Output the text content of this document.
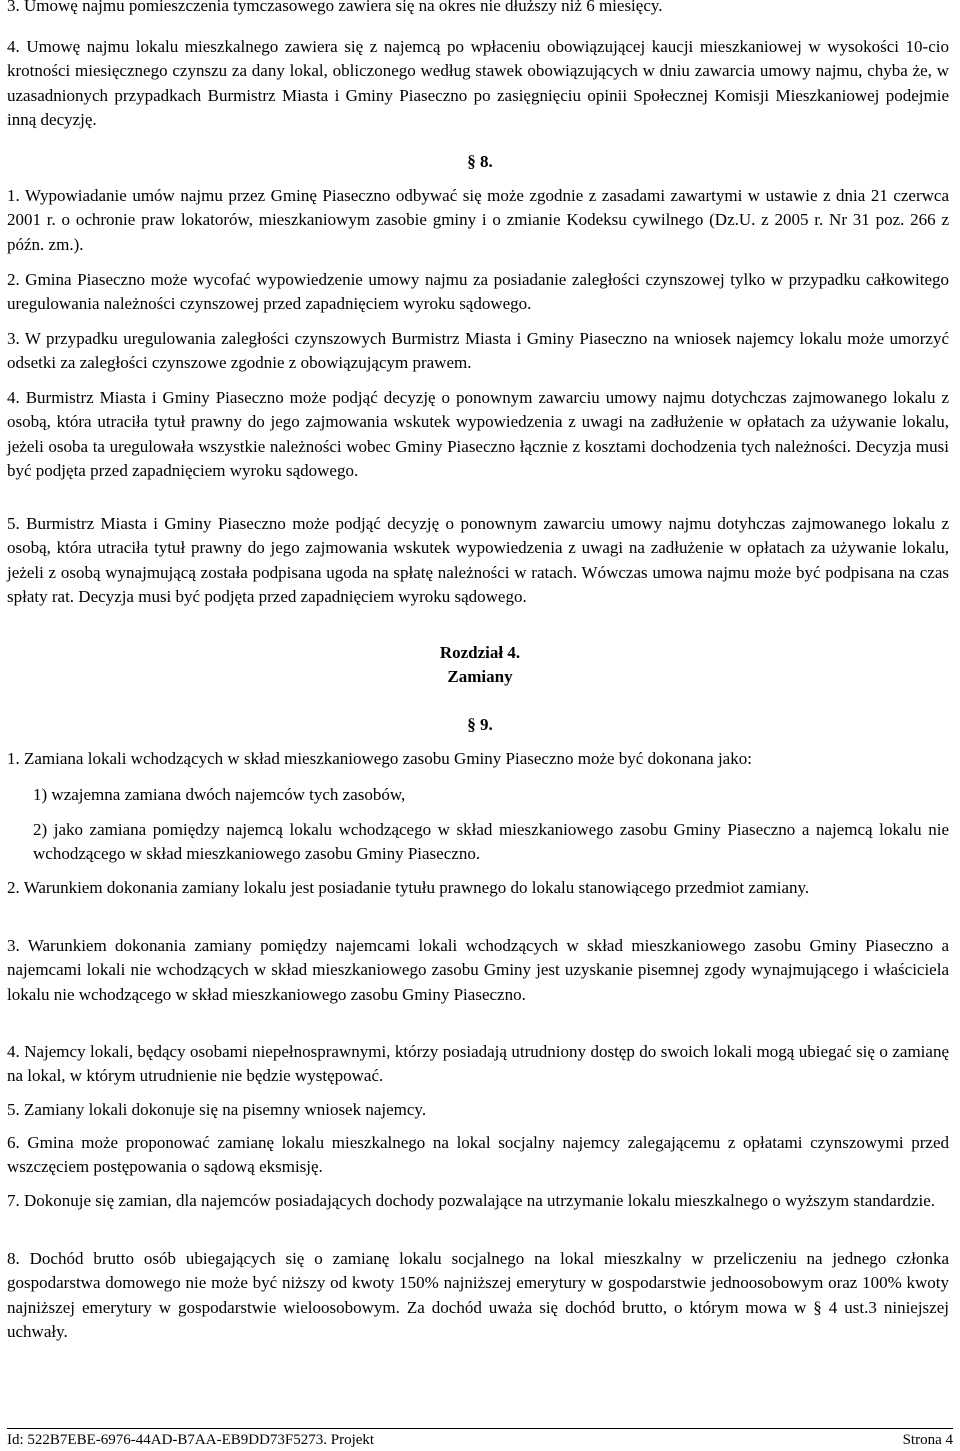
3. Umowę najmu pomieszczenia tymczasowego zawiera się na okres nie dłuższy niż 6 miesięcy.

4. Umowę najmu lokalu mieszkalnego zawiera się z najemcą po wpłaceniu obowiązującej kaucji mieszkaniowej w wysokości 10-cio krotności miesięcznego czynszu za dany lokal, obliczonego według stawek obowiązujących w dniu zawarcia umowy najmu, chyba że, w uzasadnionych przypadkach Burmistrz Miasta i Gminy Piaseczno po zasięgnięciu opinii Społecznej Komisji Mieszkaniowej podejmie inną decyzję.

§ 8.

1. Wypowiadanie umów najmu przez Gminę Piaseczno odbywać się może zgodnie z zasadami zawartymi w ustawie z dnia 21 czerwca 2001 r. o ochronie praw lokatorów, mieszkaniowym zasobie gminy i o zmianie Kodeksu cywilnego (Dz.U. z 2005 r. Nr 31 poz. 266 z późn. zm.).

2. Gmina Piaseczno może wycofać wypowiedzenie umowy najmu za posiadanie zaległości czynszowej tylko w przypadku całkowitego uregulowania należności czynszowej przed zapadnięciem wyroku sądowego.

3. W przypadku uregulowania zaległości czynszowych Burmistrz Miasta i Gminy Piaseczno na wniosek najemcy lokalu może umorzyć odsetki za zaległości czynszowe zgodnie z obowiązującym prawem.

4. Burmistrz Miasta i Gminy Piaseczno może podjąć decyzję o ponownym zawarciu umowy najmu dotychczas zajmowanego lokalu z osobą, która utraciła tytuł prawny do jego zajmowania wskutek wypowiedzenia z uwagi na zadłużenie w opłatach za używanie lokalu, jeżeli osoba ta uregulowała wszystkie należności wobec Gminy Piaseczno łącznie z kosztami dochodzenia tych należności. Decyzja musi być podjęta przed zapadnięciem wyroku sądowego.

5. Burmistrz Miasta i Gminy Piaseczno może podjąć decyzję o ponownym zawarciu umowy najmu dotyhczas zajmowanego lokalu z osobą, która utraciła tytuł prawny do jego zajmowania wskutek wypowiedzenia z uwagi na zadłużenie w opłatach za używanie lokalu, jeżeli z osobą wynajmującą została podpisana ugoda na spłatę należności w ratach. Wówczas umowa najmu może być podpisana na czas spłaty rat. Decyzja musi być podjęta przed zapadnięciem wyroku sądowego.

Rozdział 4.
Zamiany

§ 9.

1. Zamiana lokali wchodzących w skład mieszkaniowego zasobu Gminy Piaseczno może być dokonana jako:

1) wzajemna zamiana dwóch najemców tych zasobów,

2) jako zamiana pomiędzy najemcą lokalu wchodzącego w skład mieszkaniowego zasobu Gminy Piaseczno a najemcą lokalu nie wchodzącego w skład mieszkaniowego zasobu Gminy Piaseczno.

2. Warunkiem dokonania zamiany lokalu jest posiadanie tytułu prawnego do lokalu stanowiącego przedmiot zamiany.

3. Warunkiem dokonania zamiany pomiędzy najemcami lokali wchodzących w skład mieszkaniowego zasobu Gminy Piaseczno a najemcami lokali nie wchodzących w skład mieszkaniowego zasobu Gminy jest uzyskanie pisemnej zgody wynajmującego i właściciela lokalu nie wchodzącego w skład mieszkaniowego zasobu Gminy Piaseczno.

4. Najemcy lokali, będący osobami niepełnosprawnymi, którzy posiadają utrudniony dostęp do swoich lokali mogą ubiegać się o zamianę na lokal, w którym utrudnienie nie będzie występować.

5. Zamiany lokali dokonuje się na pisemny wniosek najemcy.

6. Gmina może proponować zamianę lokalu mieszkalnego na lokal socjalny najemcy zalegającemu z opłatami czynszowymi przed wszczęciem postępowania o sądową eksmisję.

7. Dokonuje się zamian, dla najemców posiadających dochody pozwalające na utrzymanie lokalu mieszkalnego o wyższym standardzie.

8. Dochód brutto osób ubiegających się o zamianę lokalu socjalnego na lokal mieszkalny w przeliczeniu na jednego członka gospodarstwa domowego nie może być niższy od kwoty 150% najniższej emerytury w gospodarstwie jednoosobowym oraz 100% kwoty najniższej emerytury w gospodarstwie wieloosobowym. Za dochód uważa się dochód brutto, o którym mowa w § 4 ust.3 niniejszej uchwały.

Id: 522B7EBE-6976-44AD-B7AA-EB9DD73F5273. Projekt	Strona 4
